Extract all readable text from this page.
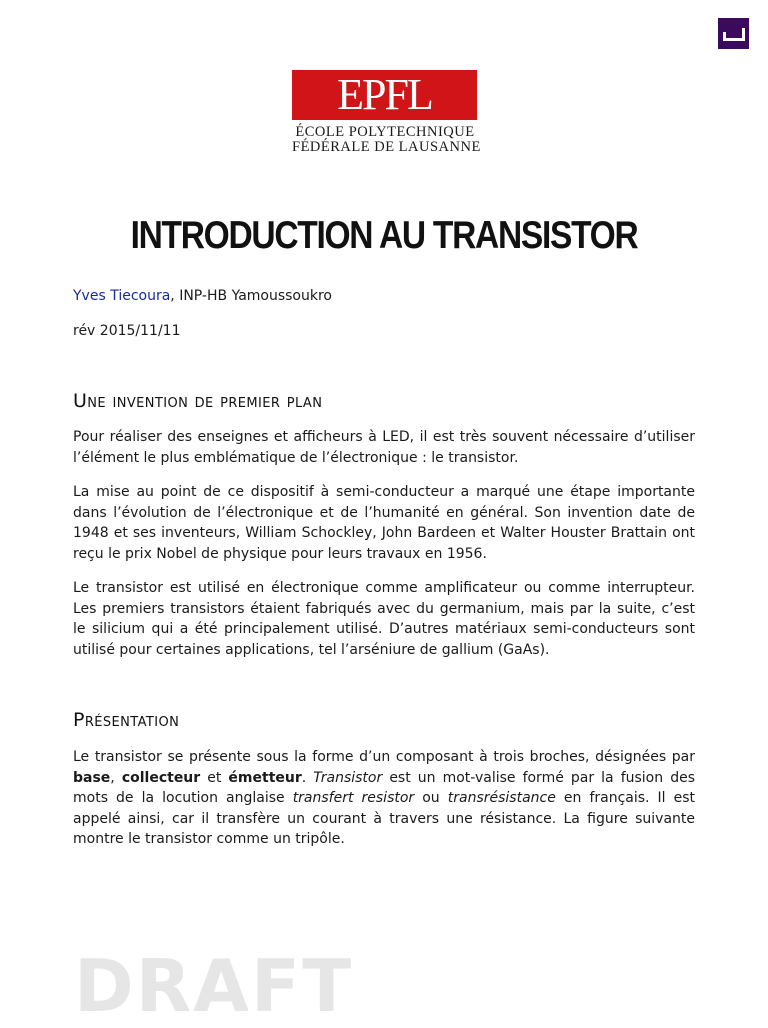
EPFL
ÉCOLE POLYTECHNIQUE
FÉDÉRALE DE LAUSANNE
INTRODUCTION AU TRANSISTOR

Yves Tiecoura, INP-HB Yamoussoukro

rév 2015/11/11

Une invention de premier plan

Pour réaliser des enseignes et afficheurs à LED, il est très souvent nécessaire d’utiliser l’élément le plus emblématique de l’électronique : le transistor.

La mise au point de ce dispositif à semi-conducteur a marqué une étape importante dans l’évolution de l’électronique et de l’humanité en général. Son invention date de 1948 et ses inventeurs, William Schockley, John Bardeen et Walter Houster Brattain ont reçu le prix Nobel de physique pour leurs travaux en 1956.

Le transistor est utilisé en électronique comme amplificateur ou comme interrupteur. Les premiers transistors étaient fabriqués avec du germanium, mais par la suite, c’est le silicium qui a été principalement utilisé. D’autres matériaux semi-conducteurs sont utilisé pour certaines applications, tel l’arséniure de gallium (GaAs).

Présentation

Le transistor se présente sous la forme d’un composant à trois broches, désignées par base, collecteur et émetteur. Transistor est un mot-valise formé par la fusion des mots de la locution anglaise transfert resistor ou transrésistance en français. Il est appelé ainsi, car il transfère un courant à travers une résistance. La figure suivante montre le transistor comme un tripôle.

DRAFT
